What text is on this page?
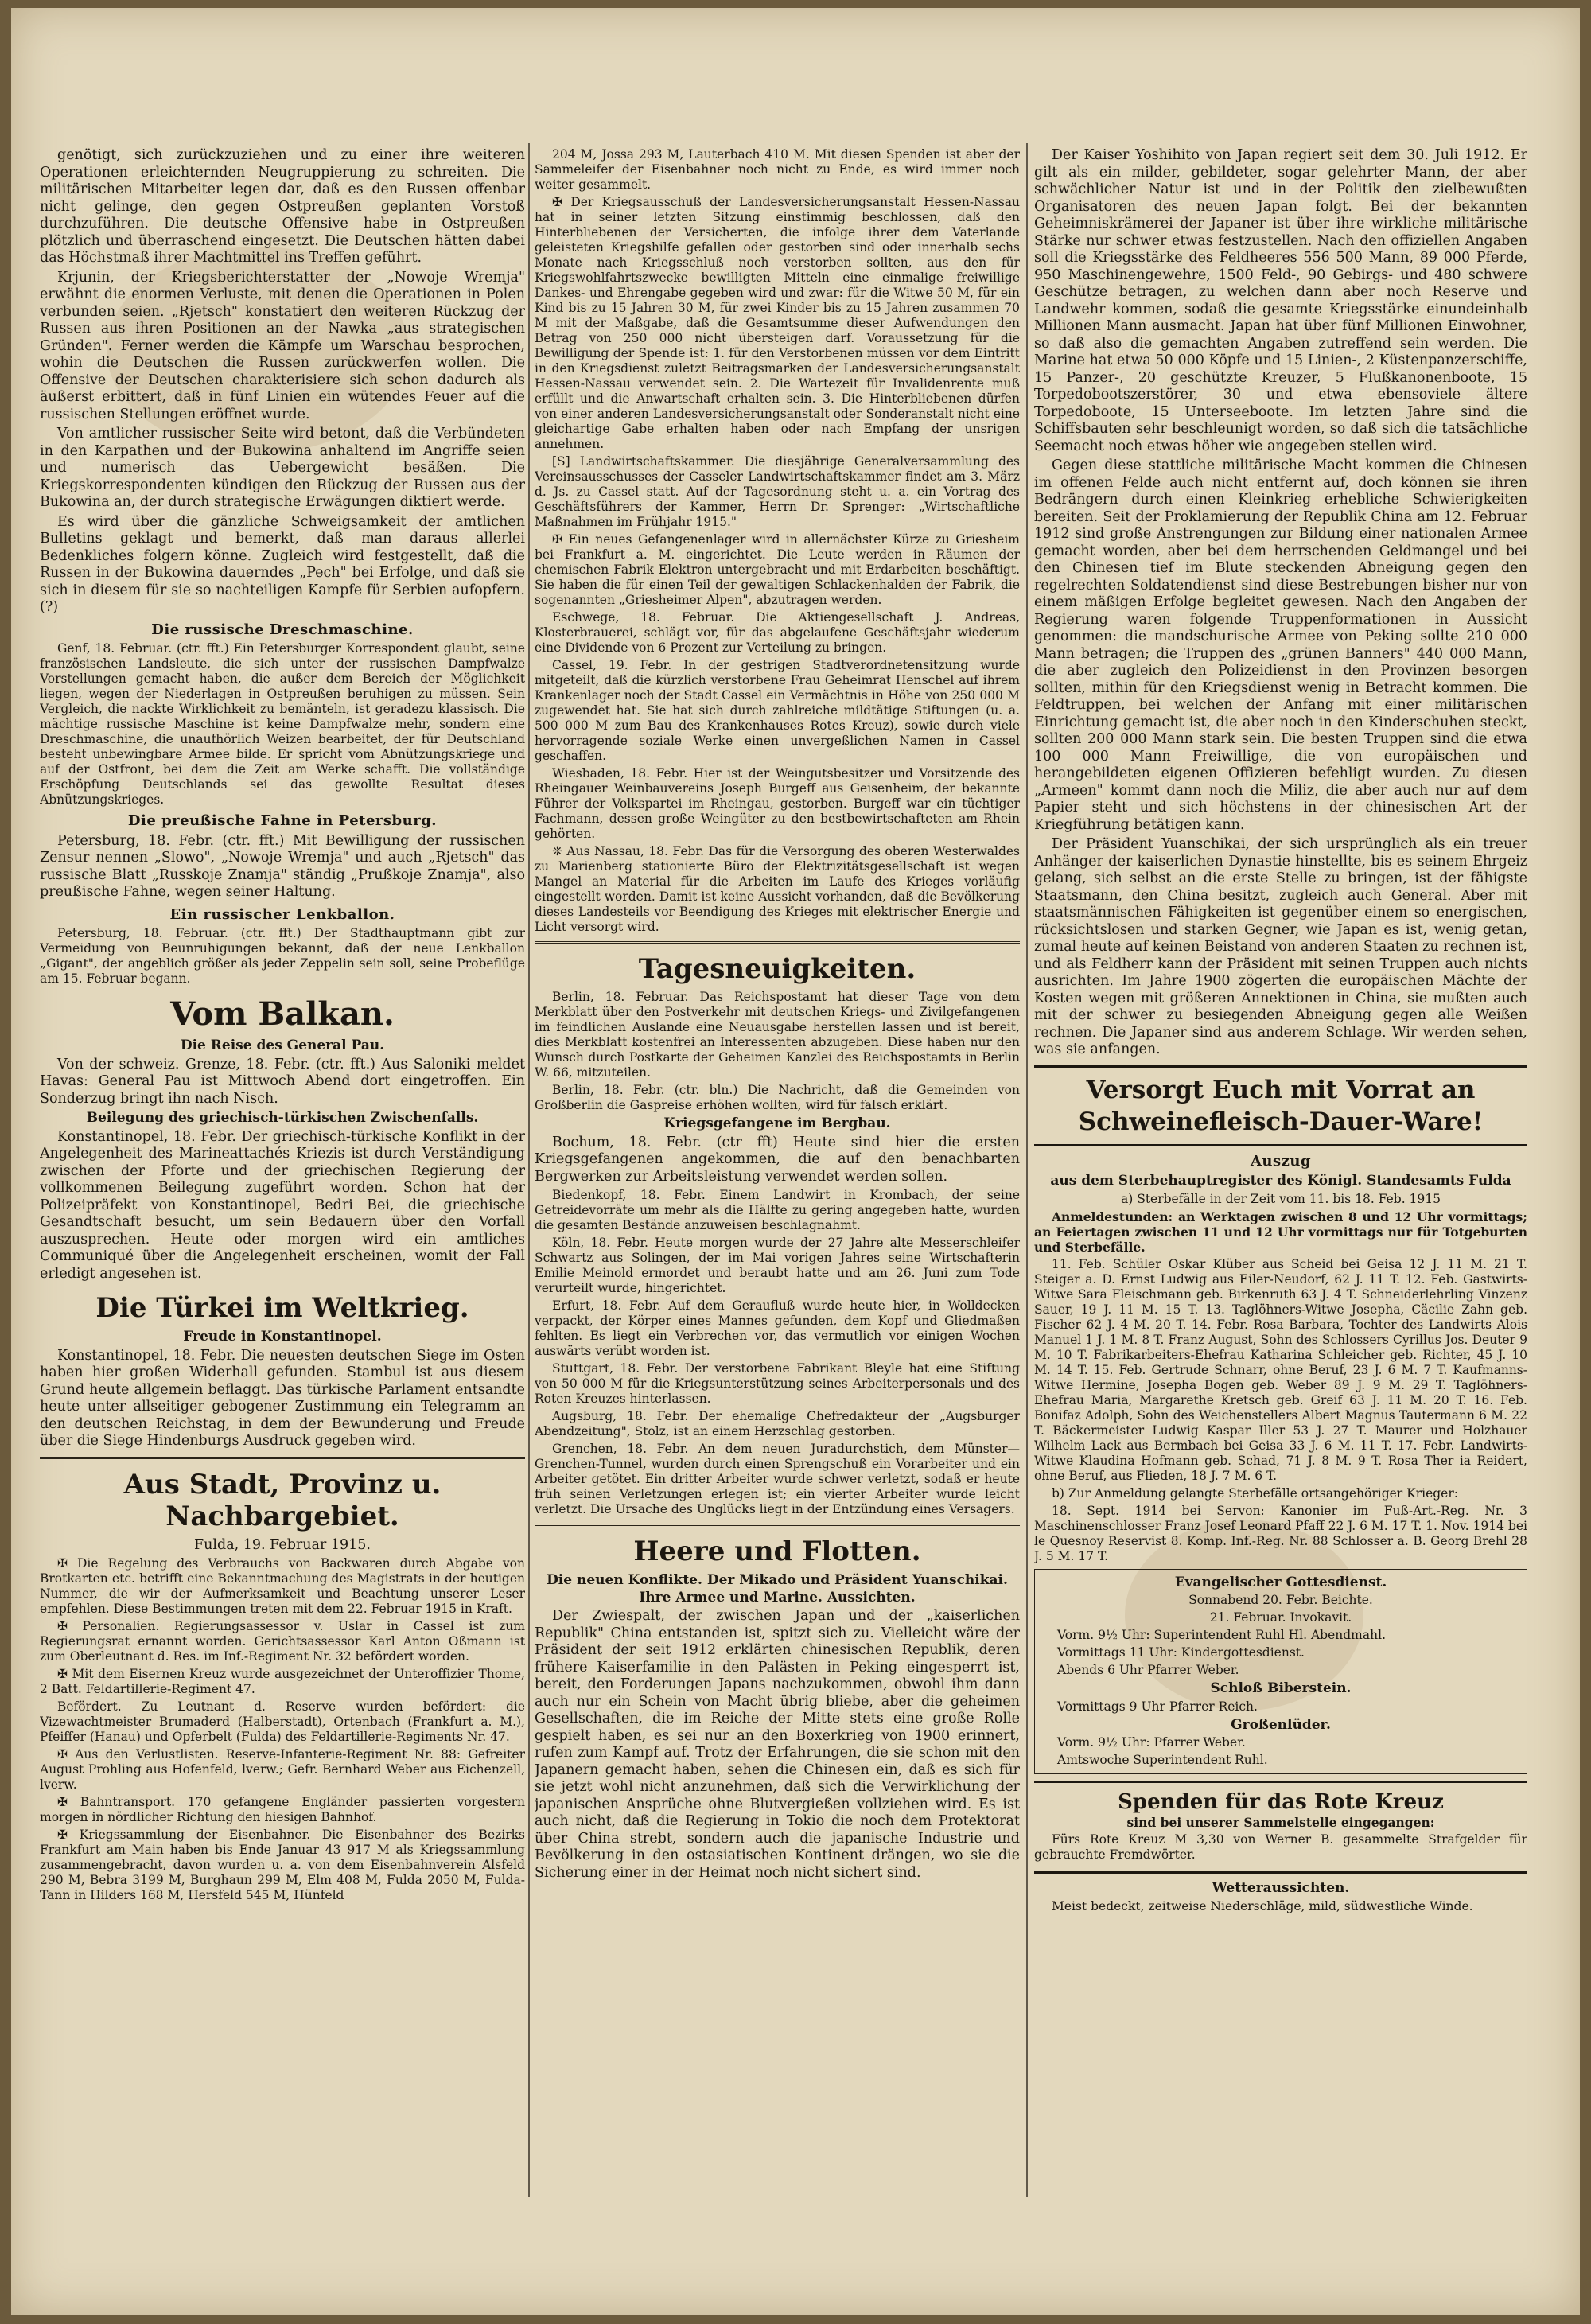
genötigt, sich zurückzuziehen und zu einer ihre weiteren Operationen erleichternden Neugruppierung zu schreiten. Die militärischen Mitarbeiter legen dar, daß es den Russen offenbar nicht gelinge, den gegen Ostpreußen geplanten Vorstoß durchzuführen. Die deutsche Offensive habe in Ostpreußen plötzlich und überraschend eingesetzt. Die Deutschen hätten dabei das Höchstmaß ihrer Machtmittel ins Treffen geführt.

Krjunin, der Kriegsberichterstatter der „Nowoje Wremja" erwähnt die enormen Verluste, mit denen die Operationen in Polen verbunden seien. „Rjetsch" konstatiert den weiteren Rückzug der Russen aus ihren Positionen an der Nawka „aus strategischen Gründen". Ferner werden die Kämpfe um Warschau besprochen, wohin die Deutschen die Russen zurückwerfen wollen. Die Offensive der Deutschen charakterisiere sich schon dadurch als äußerst erbittert, daß in fünf Linien ein wütendes Feuer auf die russischen Stellungen eröffnet wurde.

Von amtlicher russischer Seite wird betont, daß die Verbündeten in den Karpathen und der Bukowina anhaltend im Angriffe seien und numerisch das Uebergewicht besäßen. Die Kriegskorrespondenten kündigen den Rückzug der Russen aus der Bukowina an, der durch strategische Erwägungen diktiert werde.

Es wird über die gänzliche Schweigsamkeit der amtlichen Bulletins geklagt und bemerkt, daß man daraus allerlei Bedenkliches folgern könne. Zugleich wird festgestellt, daß die Russen in der Bukowina dauerndes „Pech" bei Erfolge, und daß sie sich in diesem für sie so nachteiligen Kampfe für Serbien aufopfern. (?)

Die russische Dreschmaschine.

Genf, 18. Februar. (ctr. fft.) Ein Petersburger Korrespondent glaubt, seine französischen Landsleute, die sich unter der russischen Dampfwalze Vorstellungen gemacht haben, die außer dem Bereich der Möglichkeit liegen, wegen der Niederlagen in Ostpreußen beruhigen zu müssen. Sein Vergleich, die nackte Wirklichkeit zu bemänteln, ist geradezu klassisch. Die mächtige russische Maschine ist keine Dampfwalze mehr, sondern eine Dreschmaschine, die unaufhörlich Weizen bearbeitet, der für Deutschland besteht unbewingbare Armee bilde. Er spricht vom Abnützungskriege und auf der Ostfront, bei dem die Zeit am Werke schafft. Die vollständige Erschöpfung Deutschlands sei das gewollte Resultat dieses Abnützungskrieges.

Die preußische Fahne in Petersburg.

Petersburg, 18. Febr. (ctr. fft.) Mit Bewilligung der russischen Zensur nennen „Slowo", „Nowoje Wremja" und auch „Rjetsch" das russische Blatt „Russkoje Znamja" ständig „Prußkoje Znamja", also preußische Fahne, wegen seiner Haltung.

Ein russischer Lenkballon.

Petersburg, 18. Februar. (ctr. fft.) Der Stadthauptmann gibt zur Vermeidung von Beunruhigungen bekannt, daß der neue Lenkballon „Gigant", der angeblich größer als jeder Zeppelin sein soll, seine Probeflüge am 15. Februar begann.

Vom Balkan.
Die Reise des General Pau.

Von der schweiz. Grenze, 18. Febr. (ctr. fft.) Aus Saloniki meldet Havas: General Pau ist Mittwoch Abend dort eingetroffen. Ein Sonderzug bringt ihn nach Nisch.

Beilegung des griechisch-türkischen Zwischenfalls.

Konstantinopel, 18. Febr. Der griechisch-türkische Konflikt in der Angelegenheit des Marineattachés Kriezis ist durch Verständigung zwischen der Pforte und der griechischen Regierung der vollkommenen Beilegung zugeführt worden. Schon hat der Polizeipräfekt von Konstantinopel, Bedri Bei, die griechische Gesandtschaft besucht, um sein Bedauern über den Vorfall auszusprechen. Heute oder morgen wird ein amtliches Communiqué über die Angelegenheit erscheinen, womit der Fall erledigt angesehen ist.

Die Türkei im Weltkrieg.
Freude in Konstantinopel.

Konstantinopel, 18. Febr. Die neuesten deutschen Siege im Osten haben hier großen Widerhall gefunden. Stambul ist aus diesem Grund heute allgemein beflaggt. Das türkische Parlament entsandte heute unter allseitiger gebogener Zustimmung ein Telegramm an den deutschen Reichstag, in dem der Bewunderung und Freude über die Siege Hindenburgs Ausdruck gegeben wird.

Aus Stadt, Provinz u. Nachbargebiet.

Fulda, 19. Februar 1915.

✠ Die Regelung des Verbrauchs von Backwaren durch Abgabe von Brotkarten etc. betrifft eine Bekanntmachung des Magistrats in der heutigen Nummer, die wir der Aufmerksamkeit und Beachtung unserer Leser empfehlen. Diese Bestimmungen treten mit dem 22. Februar 1915 in Kraft.

✠ Personalien. Regierungsassessor v. Uslar in Cassel ist zum Regierungsrat ernannt worden. Gerichtsassessor Karl Anton Oßmann ist zum Oberleutnant d. Res. im Inf.-Regiment Nr. 32 befördert worden.

✠ Mit dem Eisernen Kreuz wurde ausgezeichnet der Unteroffizier Thome, 2 Batt. Feldartillerie-Regiment 47.

Befördert. Zu Leutnant d. Reserve wurden befördert: die Vizewachtmeister Brumaderd (Halberstadt), Ortenbach (Frankfurt a. M.), Pfeiffer (Hanau) und Opferbelt (Fulda) des Feldartillerie-Regiments Nr. 47.

✠ Aus den Verlustlisten. Reserve-Infanterie-Regiment Nr. 88: Gefreiter August Prohling aus Hofenfeld, lverw.; Gefr. Bernhard Weber aus Eichenzell, lverw.

✠ Bahntransport. 170 gefangene Engländer passierten vorgestern morgen in nördlicher Richtung den hiesigen Bahnhof.

✠ Kriegssammlung der Eisenbahner. Die Eisenbahner des Bezirks Frankfurt am Main haben bis Ende Januar 43 917 M als Kriegssammlung zusammengebracht, davon wurden u. a. von dem Eisenbahnverein Alsfeld 290 M, Bebra 3199 M, Burghaun 299 M, Elm 408 M, Fulda 2050 M, Fulda-Tann in Hilders 168 M, Hersfeld 545 M, Hünfeld

204 M, Jossa 293 M, Lauterbach 410 M. Mit diesen Spenden ist aber der Sammeleifer der Eisenbahner noch nicht zu Ende, es wird immer noch weiter gesammelt.

✠ Der Kriegsausschuß der Landesversicherungsanstalt Hessen-Nassau hat in seiner letzten Sitzung einstimmig beschlossen, daß den Hinterbliebenen der Versicherten, die infolge ihrer dem Vaterlande geleisteten Kriegshilfe gefallen oder gestorben sind oder innerhalb sechs Monate nach Kriegsschluß noch verstorben sollten, aus den für Kriegswohlfahrtszwecke bewilligten Mitteln eine einmalige freiwillige Dankes- und Ehrengabe gegeben wird und zwar: für die Witwe 50 M, für ein Kind bis zu 15 Jahren 30 M, für zwei Kinder bis zu 15 Jahren zusammen 70 M mit der Maßgabe, daß die Gesamtsumme dieser Aufwendungen den Betrag von 250 000 nicht übersteigen darf. Voraussetzung für die Bewilligung der Spende ist: 1. für den Verstorbenen müssen vor dem Eintritt in den Kriegsdienst zuletzt Beitragsmarken der Landesversicherungsanstalt Hessen-Nassau verwendet sein. 2. Die Wartezeit für Invalidenrente muß erfüllt und die Anwartschaft erhalten sein. 3. Die Hinterbliebenen dürfen von einer anderen Landesversicherungsanstalt oder Sonderanstalt nicht eine gleichartige Gabe erhalten haben oder nach Empfang der unsrigen annehmen.

[S] Landwirtschaftskammer. Die diesjährige Generalversammlung des Vereinsausschusses der Casseler Landwirtschaftskammer findet am 3. März d. Js. zu Cassel statt. Auf der Tagesordnung steht u. a. ein Vortrag des Geschäftsführers der Kammer, Herrn Dr. Sprenger: „Wirtschaftliche Maßnahmen im Frühjahr 1915."

✠ Ein neues Gefangenenlager wird in allernächster Kürze zu Griesheim bei Frankfurt a. M. eingerichtet. Die Leute werden in Räumen der chemischen Fabrik Elektron untergebracht und mit Erdarbeiten beschäftigt. Sie haben die für einen Teil der gewaltigen Schlackenhalden der Fabrik, die sogenannten „Griesheimer Alpen", abzutragen werden.

Eschwege, 18. Februar. Die Aktiengesellschaft J. Andreas, Klosterbrauerei, schlägt vor, für das abgelaufene Geschäftsjahr wiederum eine Dividende von 6 Prozent zur Verteilung zu bringen.

Cassel, 19. Febr. In der gestrigen Stadtverordnetensitzung wurde mitgeteilt, daß die kürzlich verstorbene Frau Geheimrat Henschel auf ihrem Krankenlager noch der Stadt Cassel ein Vermächtnis in Höhe von 250 000 M zugewendet hat. Sie hat sich durch zahlreiche mildtätige Stiftungen (u. a. 500 000 M zum Bau des Krankenhauses Rotes Kreuz), sowie durch viele hervorragende soziale Werke einen unvergeßlichen Namen in Cassel geschaffen.

Wiesbaden, 18. Febr. Hier ist der Weingutsbesitzer und Vorsitzende des Rheingauer Weinbauvereins Joseph Burgeff aus Geisenheim, der bekannte Führer der Volkspartei im Rheingau, gestorben. Burgeff war ein tüchtiger Fachmann, dessen große Weingüter zu den bestbewirtschafteten am Rhein gehörten.

❊ Aus Nassau, 18. Febr. Das für die Versorgung des oberen Westerwaldes zu Marienberg stationierte Büro der Elektrizitätsgesellschaft ist wegen Mangel an Material für die Arbeiten im Laufe des Krieges vorläufig eingestellt worden. Damit ist keine Aussicht vorhanden, daß die Bevölkerung dieses Landesteils vor Beendigung des Krieges mit elektrischer Energie und Licht versorgt wird.

Tagesneuigkeiten.

Berlin, 18. Februar. Das Reichspostamt hat dieser Tage von dem Merkblatt über den Postverkehr mit deutschen Kriegs- und Zivilgefangenen im feindlichen Auslande eine Neuausgabe herstellen lassen und ist bereit, dies Merkblatt kostenfrei an Interessenten abzugeben. Diese haben nur den Wunsch durch Postkarte der Geheimen Kanzlei des Reichspostamts in Berlin W. 66, mitzuteilen.

Berlin, 18. Febr. (ctr. bln.) Die Nachricht, daß die Gemeinden von Großberlin die Gaspreise erhöhen wollten, wird für falsch erklärt.

Kriegsgefangene im Bergbau.

Bochum, 18. Febr. (ctr fft) Heute sind hier die ersten Kriegsgefangenen angekommen, die auf den benachbarten Bergwerken zur Arbeitsleistung verwendet werden sollen.

Biedenkopf, 18. Febr. Einem Landwirt in Krombach, der seine Getreidevorräte um mehr als die Hälfte zu gering angegeben hatte, wurden die gesamten Bestände anzuweisen beschlagnahmt.

Köln, 18. Febr. Heute morgen wurde der 27 Jahre alte Messerschleifer Schwartz aus Solingen, der im Mai vorigen Jahres seine Wirtschafterin Emilie Meinold ermordet und beraubt hatte und am 26. Juni zum Tode verurteilt wurde, hingerichtet.

Erfurt, 18. Febr. Auf dem Geraufluß wurde heute hier, in Wolldecken verpackt, der Körper eines Mannes gefunden, dem Kopf und Gliedmaßen fehlten. Es liegt ein Verbrechen vor, das vermutlich vor einigen Wochen auswärts verübt worden ist.

Stuttgart, 18. Febr. Der verstorbene Fabrikant Bleyle hat eine Stiftung von 50 000 M für die Kriegsunterstützung seines Arbeiterpersonals und des Roten Kreuzes hinterlassen.

Augsburg, 18. Febr. Der ehemalige Chefredakteur der „Augsburger Abendzeitung", Stolz, ist an einem Herzschlag gestorben.

Grenchen, 18. Febr. An dem neuen Juradurchstich, dem Münster—Grenchen-Tunnel, wurden durch einen Sprengschuß ein Vorarbeiter und ein Arbeiter getötet. Ein dritter Arbeiter wurde schwer verletzt, sodaß er heute früh seinen Verletzungen erlegen ist; ein vierter Arbeiter wurde leicht verletzt. Die Ursache des Unglücks liegt in der Entzündung eines Versagers.

Heere und Flotten.
Die neuen Konflikte. Der Mikado und Präsident Yuanschikai. Ihre Armee und Marine. Aussichten.

Der Zwiespalt, der zwischen Japan und der „kaiserlichen Republik" China entstanden ist, spitzt sich zu. Vielleicht wäre der Präsident der seit 1912 erklärten chinesischen Republik, deren frühere Kaiserfamilie in den Palästen in Peking eingesperrt ist, bereit, den Forderungen Japans nachzukommen, obwohl ihm dann auch nur ein Schein von Macht übrig bliebe, aber die geheimen Gesellschaften, die im Reiche der Mitte stets eine große Rolle gespielt haben, es sei nur an den Boxerkrieg von 1900 erinnert, rufen zum Kampf auf. Trotz der Erfahrungen, die sie schon mit den Japanern gemacht haben, sehen die Chinesen ein, daß es sich für sie jetzt wohl nicht anzunehmen, daß sich die Verwirklichung der japanischen Ansprüche ohne Blutvergießen vollziehen wird. Es ist auch nicht, daß die Regierung in Tokio die noch dem Protektorat über China strebt, sondern auch die japanische Industrie und Bevölkerung in den ostasiatischen Kontinent drängen, wo sie die Sicherung einer in der Heimat noch nicht sichert sind.

Der Kaiser Yoshihito von Japan regiert seit dem 30. Juli 1912. Er gilt als ein milder, gebildeter, sogar gelehrter Mann, der aber schwächlicher Natur ist und in der Politik den zielbewußten Organisatoren des neuen Japan folgt. Bei der bekannten Geheimniskrämerei der Japaner ist über ihre wirkliche militärische Stärke nur schwer etwas festzustellen. Nach den offiziellen Angaben soll die Kriegsstärke des Feldheeres 556 500 Mann, 89 000 Pferde, 950 Maschinengewehre, 1500 Feld-, 90 Gebirgs- und 480 schwere Geschütze betragen, zu welchen dann aber noch Reserve und Landwehr kommen, sodaß die gesamte Kriegsstärke einundeinhalb Millionen Mann ausmacht. Japan hat über fünf Millionen Einwohner, so daß also die gemachten Angaben zutreffend sein werden. Die Marine hat etwa 50 000 Köpfe und 15 Linien-, 2 Küstenpanzerschiffe, 15 Panzer-, 20 geschützte Kreuzer, 5 Flußkanonenboote, 15 Torpedobootszerstörer, 30 und etwa ebensoviele ältere Torpedoboote, 15 Unterseeboote. Im letzten Jahre sind die Schiffsbauten sehr beschleunigt worden, so daß sich die tatsächliche Seemacht noch etwas höher wie angegeben stellen wird.

Gegen diese stattliche militärische Macht kommen die Chinesen im offenen Felde auch nicht entfernt auf, doch können sie ihren Bedrängern durch einen Kleinkrieg erhebliche Schwierigkeiten bereiten. Seit der Proklamierung der Republik China am 12. Februar 1912 sind große Anstrengungen zur Bildung einer nationalen Armee gemacht worden, aber bei dem herrschenden Geldmangel und bei den Chinesen tief im Blute steckenden Abneigung gegen den regelrechten Soldatendienst sind diese Bestrebungen bisher nur von einem mäßigen Erfolge begleitet gewesen. Nach den Angaben der Regierung waren folgende Truppenformationen in Aussicht genommen: die mandschurische Armee von Peking sollte 210 000 Mann betragen; die Truppen des „grünen Banners" 440 000 Mann, die aber zugleich den Polizeidienst in den Provinzen besorgen sollten, mithin für den Kriegsdienst wenig in Betracht kommen. Die Feldtruppen, bei welchen der Anfang mit einer militärischen Einrichtung gemacht ist, die aber noch in den Kinderschuhen steckt, sollten 200 000 Mann stark sein. Die besten Truppen sind die etwa 100 000 Mann Freiwillige, die von europäischen und herangebildeten eigenen Offizieren befehligt wurden. Zu diesen „Armeen" kommt dann noch die Miliz, die aber auch nur auf dem Papier steht und sich höchstens in der chinesischen Art der Kriegführung betätigen kann.

Der Präsident Yuanschikai, der sich ursprünglich als ein treuer Anhänger der kaiserlichen Dynastie hinstellte, bis es seinem Ehrgeiz gelang, sich selbst an die erste Stelle zu bringen, ist der fähigste Staatsmann, den China besitzt, zugleich auch General. Aber mit staatsmännischen Fähigkeiten ist gegenüber einem so energischen, rücksichtslosen und starken Gegner, wie Japan es ist, wenig getan, zumal heute auf keinen Beistand von anderen Staaten zu rechnen ist, und als Feldherr kann der Präsident mit seinen Truppen auch nichts ausrichten. Im Jahre 1900 zögerten die europäischen Mächte der Kosten wegen mit größeren Annektionen in China, sie mußten auch mit der schwer zu besiegenden Abneigung gegen alle Weißen rechnen. Die Japaner sind aus anderem Schlage. Wir werden sehen, was sie anfangen.

Versorgt Euch mit Vorrat an Schweinefleisch-Dauer-Ware!
Auszug
aus dem Sterbehauptregister des Königl. Standesamts Fulda

a) Sterbefälle in der Zeit vom 11. bis 18. Feb. 1915

Anmeldestunden: an Werktagen zwischen 8 und 12 Uhr vormittags; an Feiertagen zwischen 11 und 12 Uhr vormittags nur für Totgeburten und Sterbefälle.

11. Feb. Schüler Oskar Klüber aus Scheid bei Geisa 12 J. 11 M. 21 T. Steiger a. D. Ernst Ludwig aus Eiler-Neudorf, 62 J. 11 T. 12. Feb. Gastwirts-Witwe Sara Fleischmann geb. Birkenruth 63 J. 4 T. Schneiderlehrling Vinzenz Sauer, 19 J. 11 M. 15 T. 13. Taglöhners-Witwe Josepha, Cäcilie Zahn geb. Fischer 62 J. 4 M. 20 T. 14. Febr. Rosa Barbara, Tochter des Landwirts Alois Manuel 1 J. 1 M. 8 T. Franz August, Sohn des Schlossers Cyrillus Jos. Deuter 9 M. 10 T. Fabrikarbeiters-Ehefrau Katharina Schleicher geb. Richter, 45 J. 10 M. 14 T. 15. Feb. Gertrude Schnarr, ohne Beruf, 23 J. 6 M. 7 T. Kaufmanns-Witwe Hermine, Josepha Bogen geb. Weber 89 J. 9 M. 29 T. Taglöhners-Ehefrau Maria, Margarethe Kretsch geb. Greif 63 J. 11 M. 20 T. 16. Feb. Bonifaz Adolph, Sohn des Weichenstellers Albert Magnus Tautermann 6 M. 22 T. Bäckermeister Ludwig Kaspar Iller 53 J. 27 T. Maurer und Holzhauer Wilhelm Lack aus Bermbach bei Geisa 33 J. 6 M. 11 T. 17. Febr. Landwirts-Witwe Klaudina Hofmann geb. Schad, 71 J. 8 M. 9 T. Rosa Ther ia Reidert, ohne Beruf, aus Flieden, 18 J. 7 M. 6 T.

b) Zur Anmeldung gelangte Sterbefälle ortsangehöriger Krieger:

18. Sept. 1914 bei Servon: Kanonier im Fuß-Art.-Reg. Nr. 3 Maschinenschlosser Franz Josef Leonard Pfaff 22 J. 6 M. 17 T. 1. Nov. 1914 bei le Quesnoy Reservist 8. Komp. Inf.-Reg. Nr. 88 Schlosser a. B. Georg Brehl 28 J. 5 M. 17 T.

Evangelischer Gottesdienst.

Sonnabend 20. Febr. Beichte.

21. Februar. Invokavit.

Vorm. 9½ Uhr: Superintendent Ruhl Hl. Abendmahl.

Vormittags 11 Uhr: Kindergottesdienst.

Abends 6 Uhr Pfarrer Weber.

Schloß Biberstein.

Vormittags 9 Uhr Pfarrer Reich.

Großenlüder.

Vorm. 9½ Uhr: Pfarrer Weber.

Amtswoche Superintendent Ruhl.

Spenden für das Rote Kreuz

sind bei unserer Sammelstelle eingegangen:

Fürs Rote Kreuz M 3,30 von Werner B. gesammelte Strafgelder für gebrauchte Fremdwörter.

Wetteraussichten.

Meist bedeckt, zeitweise Niederschläge, mild, südwestliche Winde.
